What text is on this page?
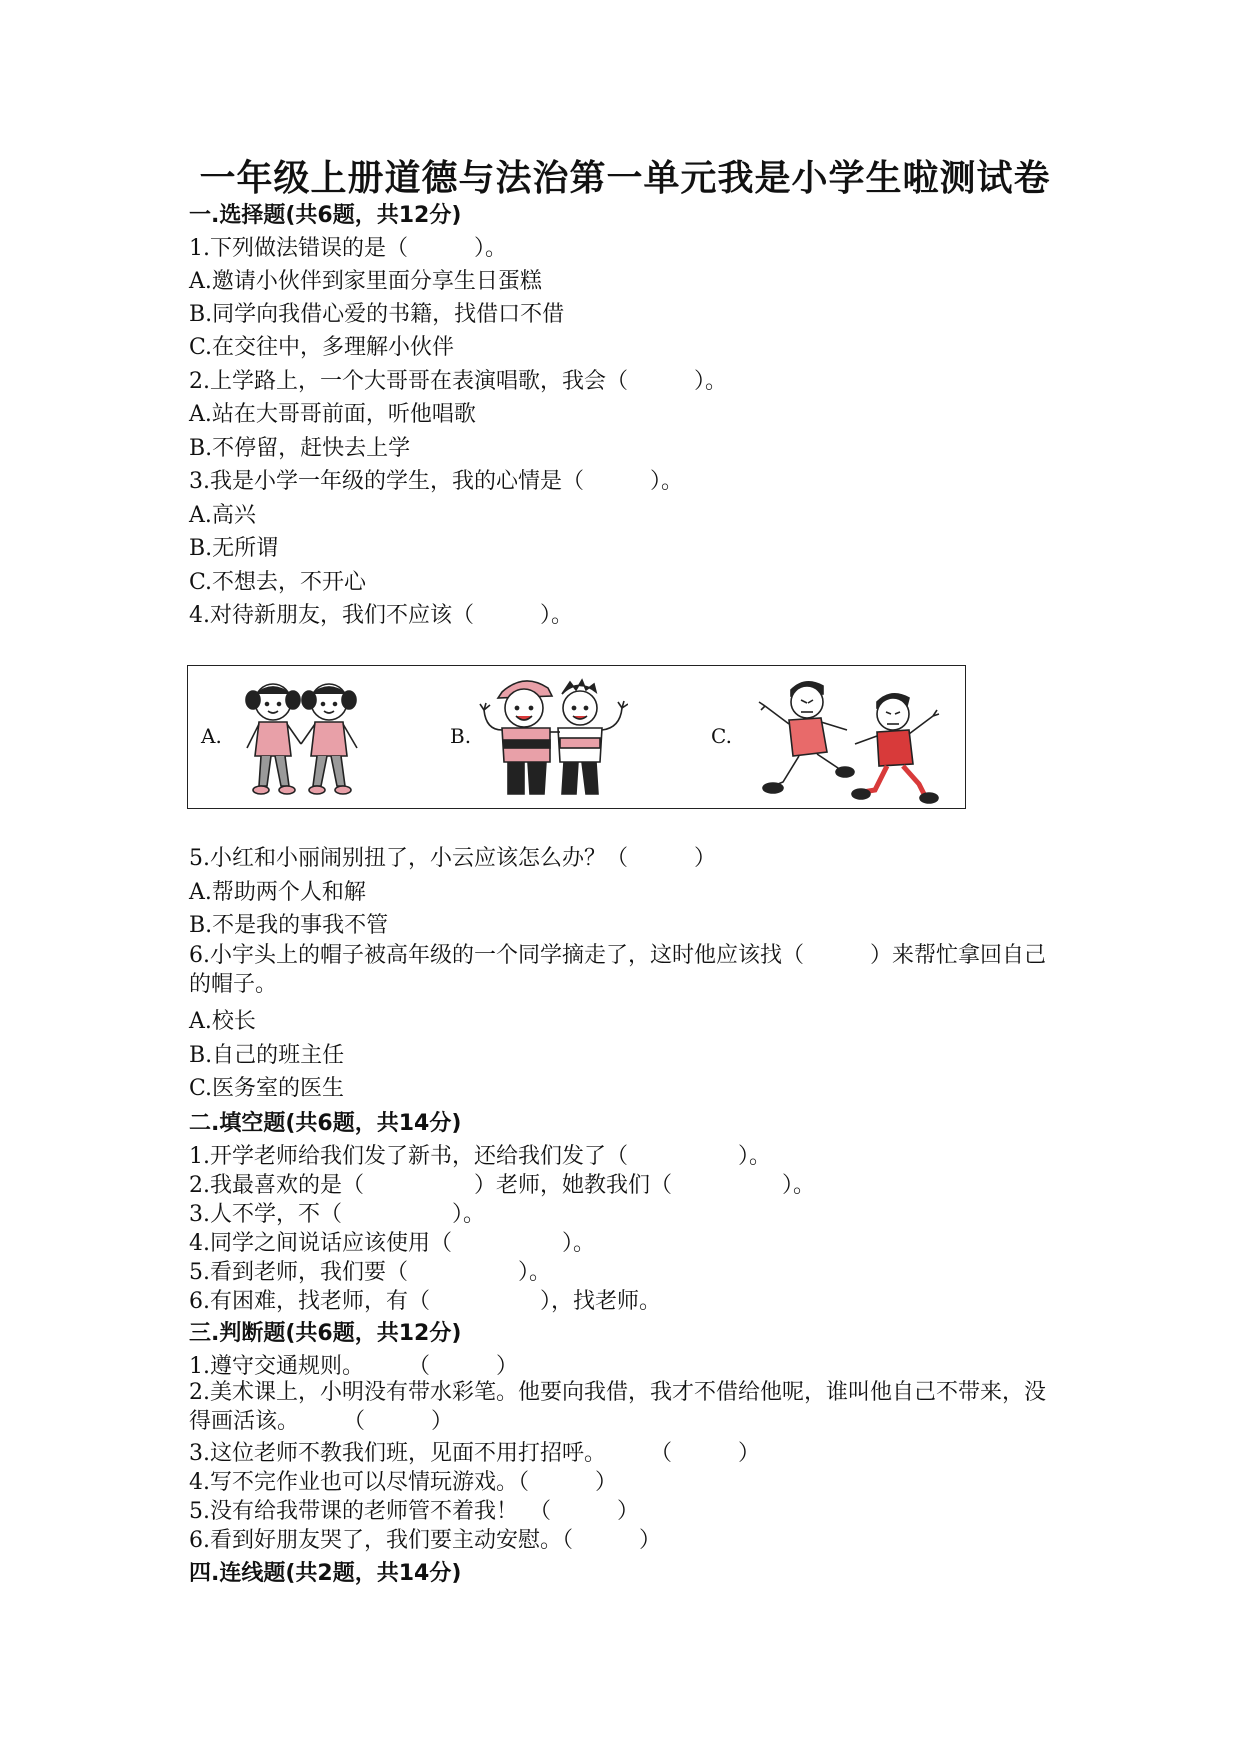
一年级上册道德与法治第一单元我是小学生啦测试卷
一.选择题(共6题，共12分)
1.下列做法错误的是（　　　）。
A.邀请小伙伴到家里面分享生日蛋糕
B.同学向我借心爱的书籍，找借口不借
C.在交往中，多理解小伙伴
2.上学路上，一个大哥哥在表演唱歌，我会（　　　）。
A.站在大哥哥前面，听他唱歌
B.不停留，赶快去上学
3.我是小学一年级的学生，我的心情是（　　　）。
A.高兴
B.无所谓
C.不想去，不开心
4.对待新朋友，我们不应该（　　　）。
A.	B.	C.
5.小红和小丽闹别扭了，小云应该怎么办？（　　　）
A.帮助两个人和解
B.不是我的事我不管
6.小宇头上的帽子被高年级的一个同学摘走了，这时他应该找（　　　）来帮忙拿回自己的帽子。
A.校长
B.自己的班主任
C.医务室的医生
二.填空题(共6题，共14分)
1.开学老师给我们发了新书，还给我们发了（　　　　　）。
2.我最喜欢的是（　　　　　）老师，她教我们（　　　　　）。
3.人不学，不（　　　　　）。
4.同学之间说话应该使用（　　　　　）。
5.看到老师，我们要（　　　　　）。
6.有困难，找老师，有（　　　　　），找老师。
三.判断题(共6题，共12分)
1.遵守交通规则。　　　（　　　）
2.美术课上，小明没有带水彩笔。他要向我借，我才不借给他呢，谁叫他自己不带来，没得画活该。　　　（　　　）
3.这位老师不教我们班，见面不用打招呼。　　　（　　　）
4.写不完作业也可以尽情玩游戏。（　　　）
5.没有给我带课的老师管不着我！　（　　　）
6.看到好朋友哭了，我们要主动安慰。（　　　）
四.连线题(共2题，共14分)
